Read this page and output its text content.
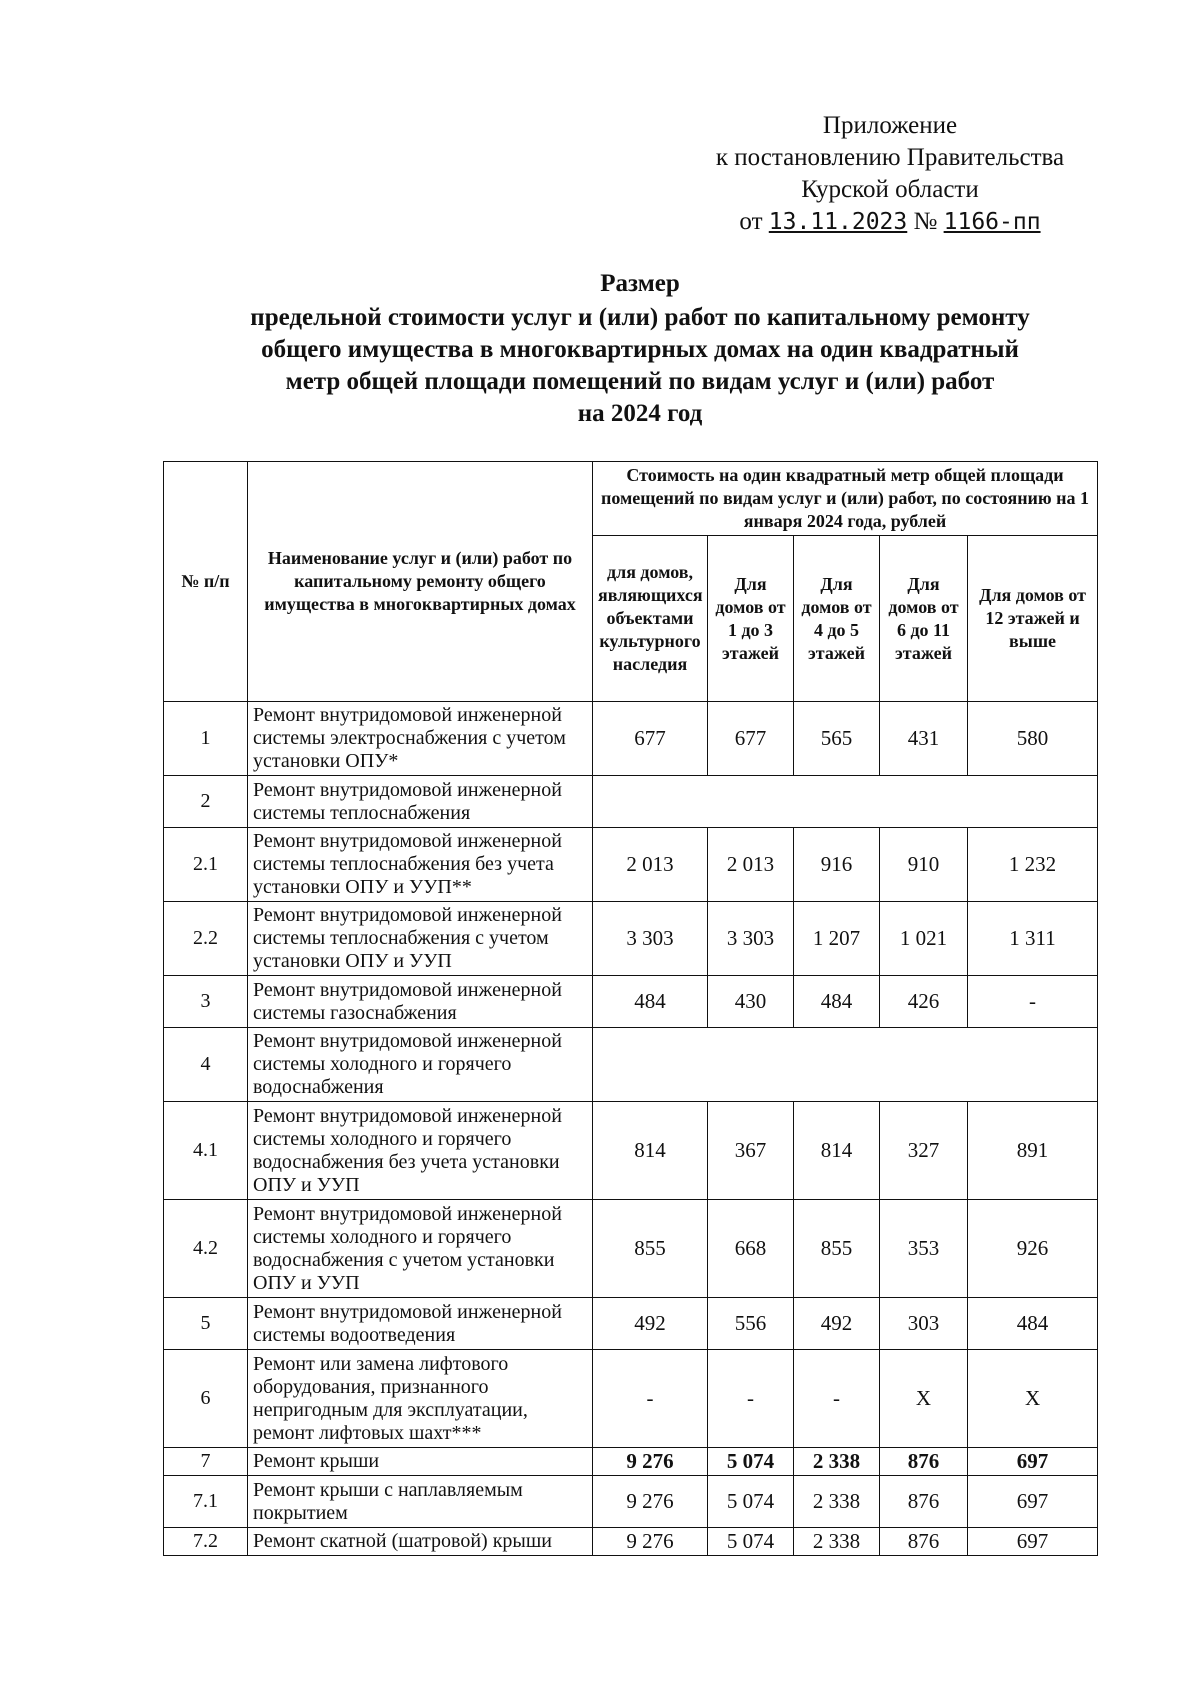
Приложение
к постановлению Правительства
Курской области
от 13.11.2023 № 1166-пп
Размер
предельной стоимости услуг и (или) работ по капитальному ремонту
общего имущества в многоквартирных домах на один квадратный
метр общей площади помещений по видам услуг и (или) работ
на 2024 год
№ п/п	Наименование услуг и (или) работ по капитальному ремонту общего имущества в многоквартирных домах	Стоимость на один квадратный метр общей площади помещений по видам услуг и (или) работ, по состоянию на 1 января 2024 года, рублей				
		для домов, являющихся объектами культурного наследия	Для домов от 1 до 3 этажей	Для домов от 4 до 5 этажей	Для домов от 6 до 11 этажей	Для домов от 12 этажей и выше
1	Ремонт внутридомовой инженерной системы электроснабжения с учетом установки ОПУ*	677	677	565	431	580
2	Ремонт внутридомовой инженерной системы теплоснабжения					
2.1	Ремонт внутридомовой инженерной системы теплоснабжения без учета установки ОПУ и УУП**	2 013	2 013	916	910	1 232
2.2	Ремонт внутридомовой инженерной системы теплоснабжения с учетом установки ОПУ и УУП	3 303	3 303	1 207	1 021	1 311
3	Ремонт внутридомовой инженерной системы газоснабжения	484	430	484	426	-
4	Ремонт внутридомовой инженерной системы холодного и горячего водоснабжения					
4.1	Ремонт внутридомовой инженерной системы холодного и горячего водоснабжения без учета установки ОПУ и УУП	814	367	814	327	891
4.2	Ремонт внутридомовой инженерной системы холодного и горячего водоснабжения с учетом установки ОПУ и УУП	855	668	855	353	926
5	Ремонт внутридомовой инженерной системы водоотведения	492	556	492	303	484
6	Ремонт или замена лифтового оборудования, признанного непригодным для эксплуатации, ремонт лифтовых шахт***	-	-	-	X	X
7	Ремонт крыши	9 276	5 074	2 338	876	697
7.1	Ремонт крыши с наплавляемым покрытием	9 276	5 074	2 338	876	697
7.2	Ремонт скатной (шатровой) крыши	9 276	5 074	2 338	876	697
